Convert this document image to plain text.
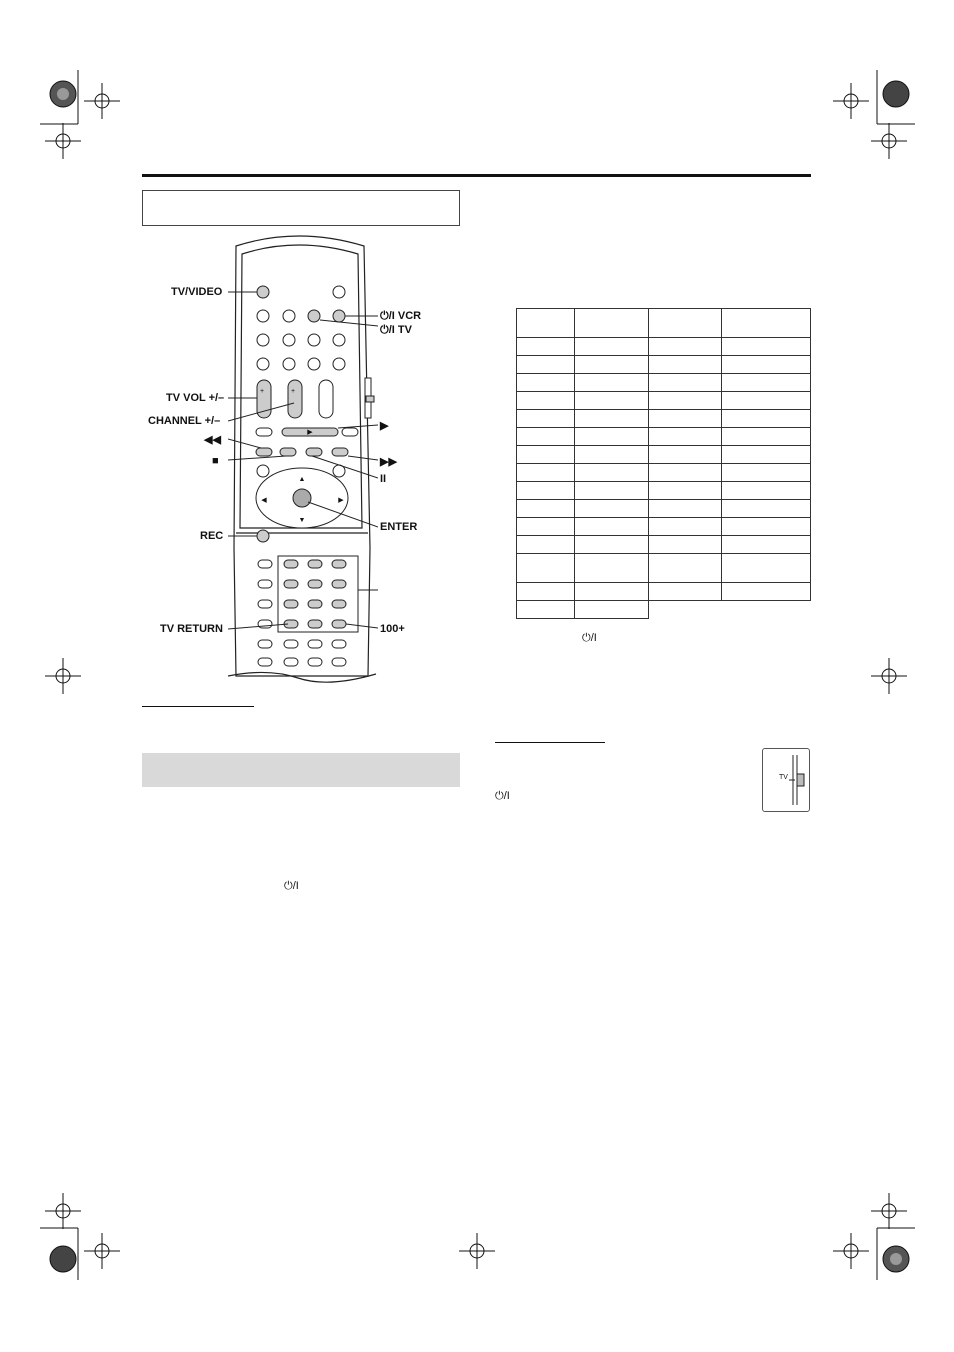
▶
▲
▼
◀	▶
+	+
TV/VIDEO
TV VOL +/–
CHANNEL +/–
◀◀
■
REC
TV RETURN
⏻/I VCR
⏻/I TV
▶
▶▶
II
ENTER
100+
⏻/I
⏻/I
⏻/I

TV
